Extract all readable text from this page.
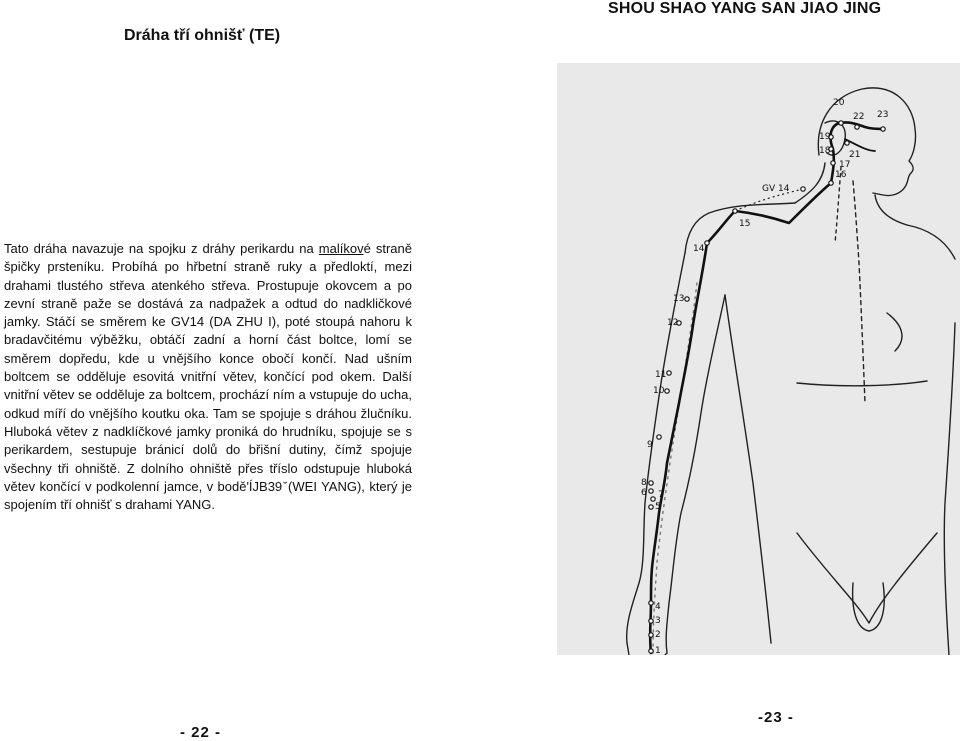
Dráha tří ohnišť (TE)

Tato dráha navazuje na spojku z dráhy perikardu na malíkové straně špičky prsteníku. Probíhá po hřbetní straně ruky a předloktí, mezi drahami tlustého střeva atenkého střeva. Prostupuje okovcem a po zevní straně paže se dostává za nadpažek a odtud do nadkličkové jamky. Stáčí se směrem ke GV14 (DA ZHU I), poté stoupá nahoru k bradavčitému výběžku, obtáčí zadní a horní část boltce, lomí se směrem dopředu, kde u vnějšího konce obočí končí. Nad ušním boltcem se odděluje esovitá vnitřní větev, končící pod okem. Další vnitřní větev se odděluje za boltcem, prochází ním a vstupuje do ucha, odkud míří do vnějšího koutku oka. Tam se spojuje s dráhou žlučníku. Hluboká větev z nadklíčkové jamky proniká do hrudníku, spojuje se s perikardem, sestupuje bránicí dolů do břišní dutiny, čímž spojuje všechny tři ohniště. Z dolního ohniště přes tříslo odstupuje hluboká větev končící v podkolenní jamce, v bodě'ÍJB39ˇ(WEI YANG), který je spojením tří ohnišť s drahami YANG.

- 22 -
SHOU SHAO YANG SAN JIAO JING
GV 14
1
2
3
4
5
6 7
8
9
10
11
12
13
14
15
16
17
18
19
20
21
22 23
-23 -
